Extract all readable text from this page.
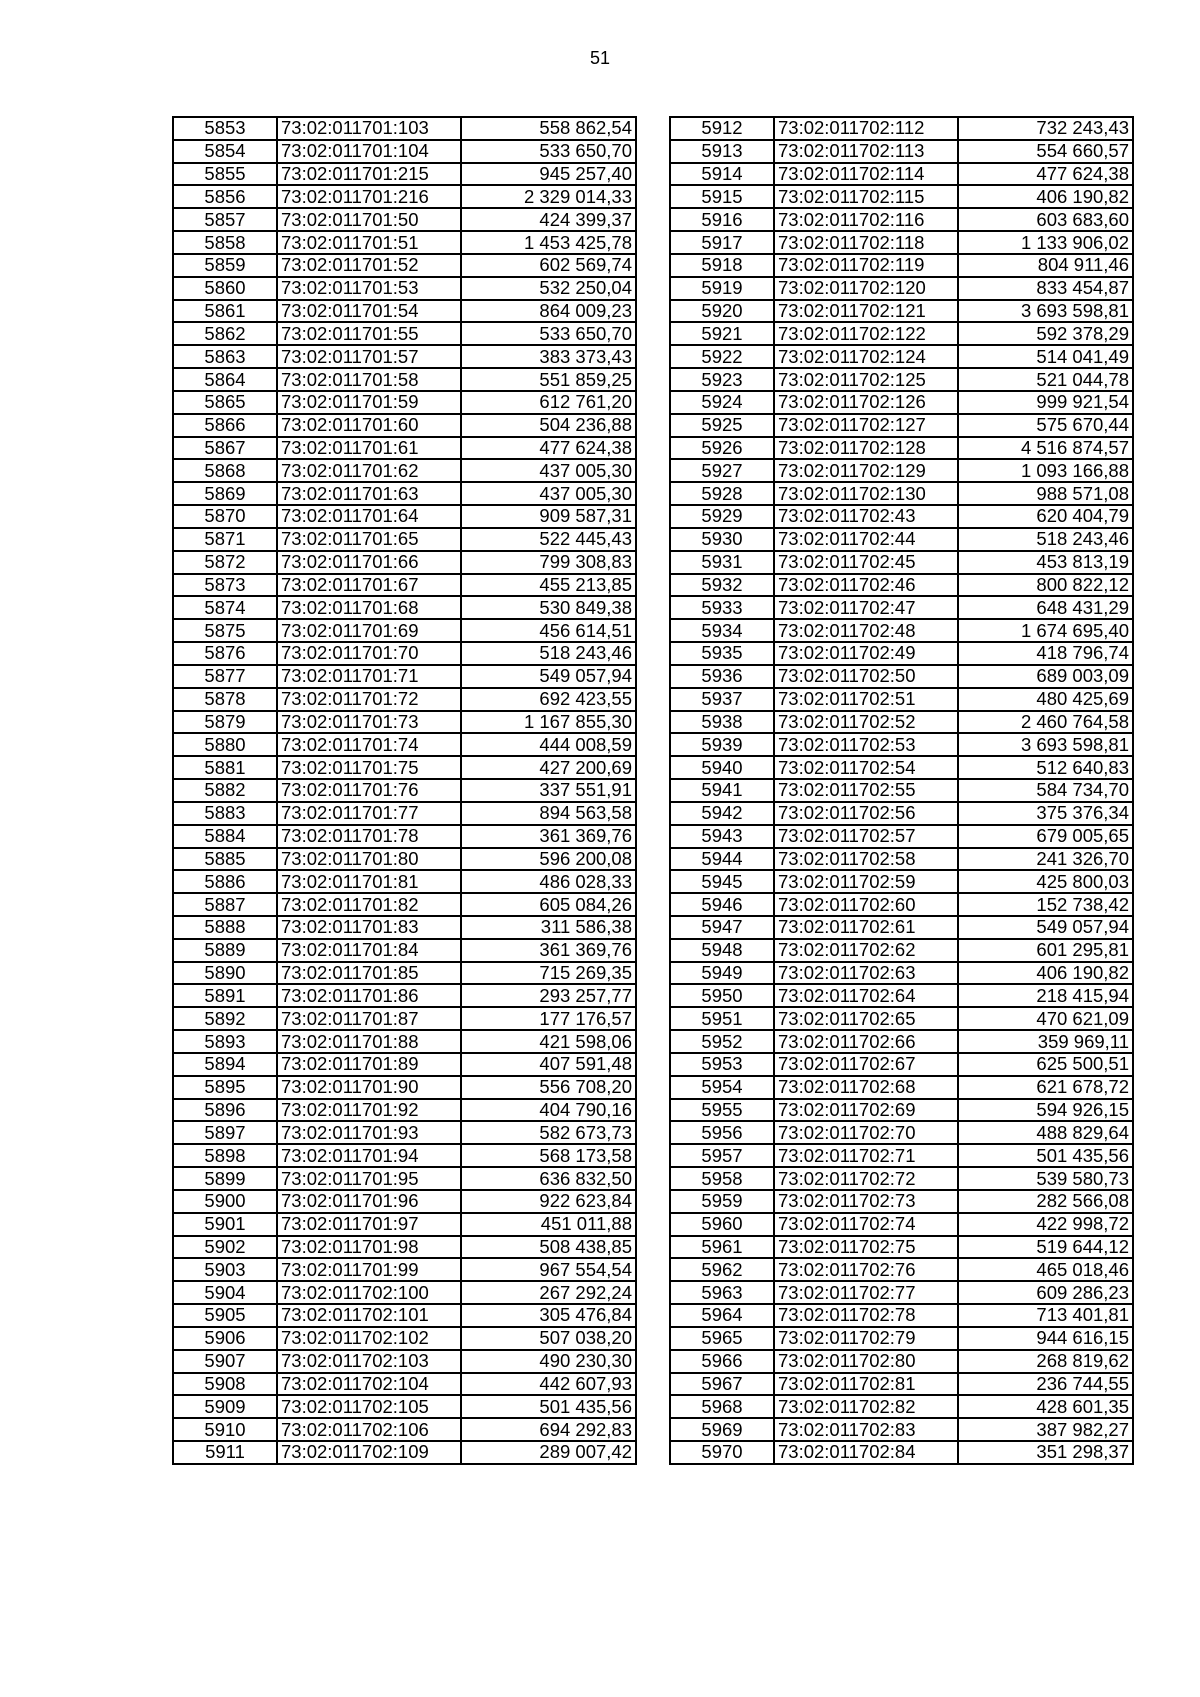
51
5853	73:02:011701:103	558 862,54
5854	73:02:011701:104	533 650,70
5855	73:02:011701:215	945 257,40
5856	73:02:011701:216	2 329 014,33
5857	73:02:011701:50	424 399,37
5858	73:02:011701:51	1 453 425,78
5859	73:02:011701:52	602 569,74
5860	73:02:011701:53	532 250,04
5861	73:02:011701:54	864 009,23
5862	73:02:011701:55	533 650,70
5863	73:02:011701:57	383 373,43
5864	73:02:011701:58	551 859,25
5865	73:02:011701:59	612 761,20
5866	73:02:011701:60	504 236,88
5867	73:02:011701:61	477 624,38
5868	73:02:011701:62	437 005,30
5869	73:02:011701:63	437 005,30
5870	73:02:011701:64	909 587,31
5871	73:02:011701:65	522 445,43
5872	73:02:011701:66	799 308,83
5873	73:02:011701:67	455 213,85
5874	73:02:011701:68	530 849,38
5875	73:02:011701:69	456 614,51
5876	73:02:011701:70	518 243,46
5877	73:02:011701:71	549 057,94
5878	73:02:011701:72	692 423,55
5879	73:02:011701:73	1 167 855,30
5880	73:02:011701:74	444 008,59
5881	73:02:011701:75	427 200,69
5882	73:02:011701:76	337 551,91
5883	73:02:011701:77	894 563,58
5884	73:02:011701:78	361 369,76
5885	73:02:011701:80	596 200,08
5886	73:02:011701:81	486 028,33
5887	73:02:011701:82	605 084,26
5888	73:02:011701:83	311 586,38
5889	73:02:011701:84	361 369,76
5890	73:02:011701:85	715 269,35
5891	73:02:011701:86	293 257,77
5892	73:02:011701:87	177 176,57
5893	73:02:011701:88	421 598,06
5894	73:02:011701:89	407 591,48
5895	73:02:011701:90	556 708,20
5896	73:02:011701:92	404 790,16
5897	73:02:011701:93	582 673,73
5898	73:02:011701:94	568 173,58
5899	73:02:011701:95	636 832,50
5900	73:02:011701:96	922 623,84
5901	73:02:011701:97	451 011,88
5902	73:02:011701:98	508 438,85
5903	73:02:011701:99	967 554,54
5904	73:02:011702:100	267 292,24
5905	73:02:011702:101	305 476,84
5906	73:02:011702:102	507 038,20
5907	73:02:011702:103	490 230,30
5908	73:02:011702:104	442 607,93
5909	73:02:011702:105	501 435,56
5910	73:02:011702:106	694 292,83
5911	73:02:011702:109	289 007,42
5912	73:02:011702:112	732 243,43
5913	73:02:011702:113	554 660,57
5914	73:02:011702:114	477 624,38
5915	73:02:011702:115	406 190,82
5916	73:02:011702:116	603 683,60
5917	73:02:011702:118	1 133 906,02
5918	73:02:011702:119	804 911,46
5919	73:02:011702:120	833 454,87
5920	73:02:011702:121	3 693 598,81
5921	73:02:011702:122	592 378,29
5922	73:02:011702:124	514 041,49
5923	73:02:011702:125	521 044,78
5924	73:02:011702:126	999 921,54
5925	73:02:011702:127	575 670,44
5926	73:02:011702:128	4 516 874,57
5927	73:02:011702:129	1 093 166,88
5928	73:02:011702:130	988 571,08
5929	73:02:011702:43	620 404,79
5930	73:02:011702:44	518 243,46
5931	73:02:011702:45	453 813,19
5932	73:02:011702:46	800 822,12
5933	73:02:011702:47	648 431,29
5934	73:02:011702:48	1 674 695,40
5935	73:02:011702:49	418 796,74
5936	73:02:011702:50	689 003,09
5937	73:02:011702:51	480 425,69
5938	73:02:011702:52	2 460 764,58
5939	73:02:011702:53	3 693 598,81
5940	73:02:011702:54	512 640,83
5941	73:02:011702:55	584 734,70
5942	73:02:011702:56	375 376,34
5943	73:02:011702:57	679 005,65
5944	73:02:011702:58	241 326,70
5945	73:02:011702:59	425 800,03
5946	73:02:011702:60	152 738,42
5947	73:02:011702:61	549 057,94
5948	73:02:011702:62	601 295,81
5949	73:02:011702:63	406 190,82
5950	73:02:011702:64	218 415,94
5951	73:02:011702:65	470 621,09
5952	73:02:011702:66	359 969,11
5953	73:02:011702:67	625 500,51
5954	73:02:011702:68	621 678,72
5955	73:02:011702:69	594 926,15
5956	73:02:011702:70	488 829,64
5957	73:02:011702:71	501 435,56
5958	73:02:011702:72	539 580,73
5959	73:02:011702:73	282 566,08
5960	73:02:011702:74	422 998,72
5961	73:02:011702:75	519 644,12
5962	73:02:011702:76	465 018,46
5963	73:02:011702:77	609 286,23
5964	73:02:011702:78	713 401,81
5965	73:02:011702:79	944 616,15
5966	73:02:011702:80	268 819,62
5967	73:02:011702:81	236 744,55
5968	73:02:011702:82	428 601,35
5969	73:02:011702:83	387 982,27
5970	73:02:011702:84	351 298,37
